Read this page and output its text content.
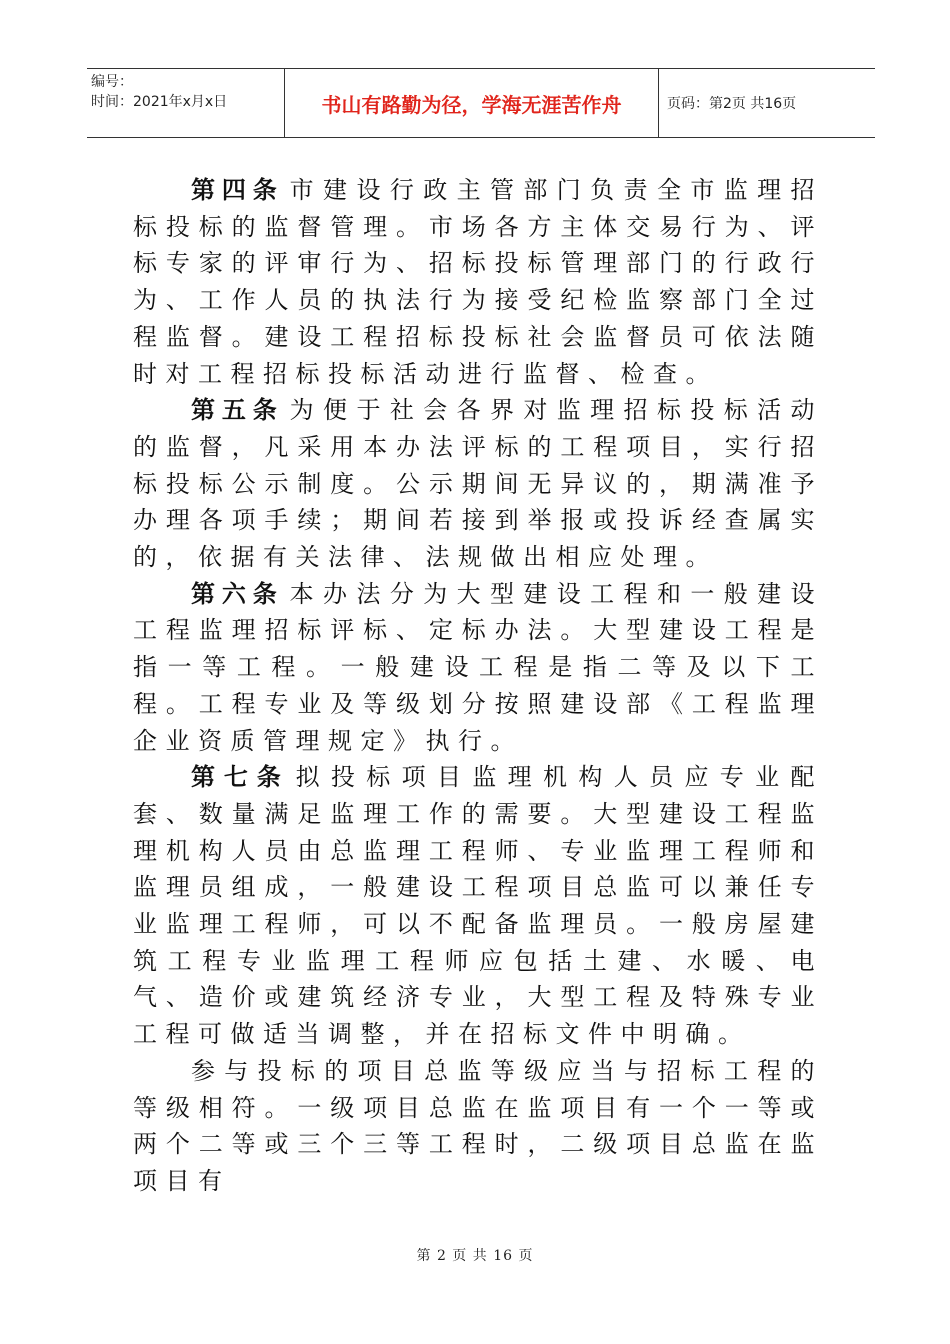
编号：
时间：2021年x月x日	书山有路勤为径，学海无涯苦作舟	页码：第2页 共16页

第四条 市建设行政主管部门负责全市监理招标投标的监督管理。市场各方主体交易行为、评标专家的评审行为、招标投标管理部门的行政行为、工作人员的执法行为接受纪检监察部门全过程监督。建设工程招标投标社会监督员可依法随时对工程招标投标活动进行监督、检查。

第五条 为便于社会各界对监理招标投标活动的监督，凡采用本办法评标的工程项目，实行招标投标公示制度。公示期间无异议的，期满准予办理各项手续；期间若接到举报或投诉经查属实的，依据有关法律、法规做出相应处理。

第六条 本办法分为大型建设工程和一般建设工程监理招标评标、定标办法。大型建设工程是指一等工程。一般建设工程是指二等及以下工程。工程专业及等级划分按照建设部《工程监理企业资质管理规定》执行。

第七条 拟投标项目监理机构人员应专业配套、数量满足监理工作的需要。大型建设工程监理机构人员由总监理工程师、专业监理工程师和监理员组成，一般建设工程项目总监可以兼任专业监理工程师，可以不配备监理员。一般房屋建筑工程专业监理工程师应包括土建、水暖、电气、造价或建筑经济专业，大型工程及特殊专业工程可做适当调整，并在招标文件中明确。

参与投标的项目总监等级应当与招标工程的等级相符。一级项目总监在监项目有一个一等或两个二等或三个三等工程时，二级项目总监在监项目有

第 2 页 共 16 页
